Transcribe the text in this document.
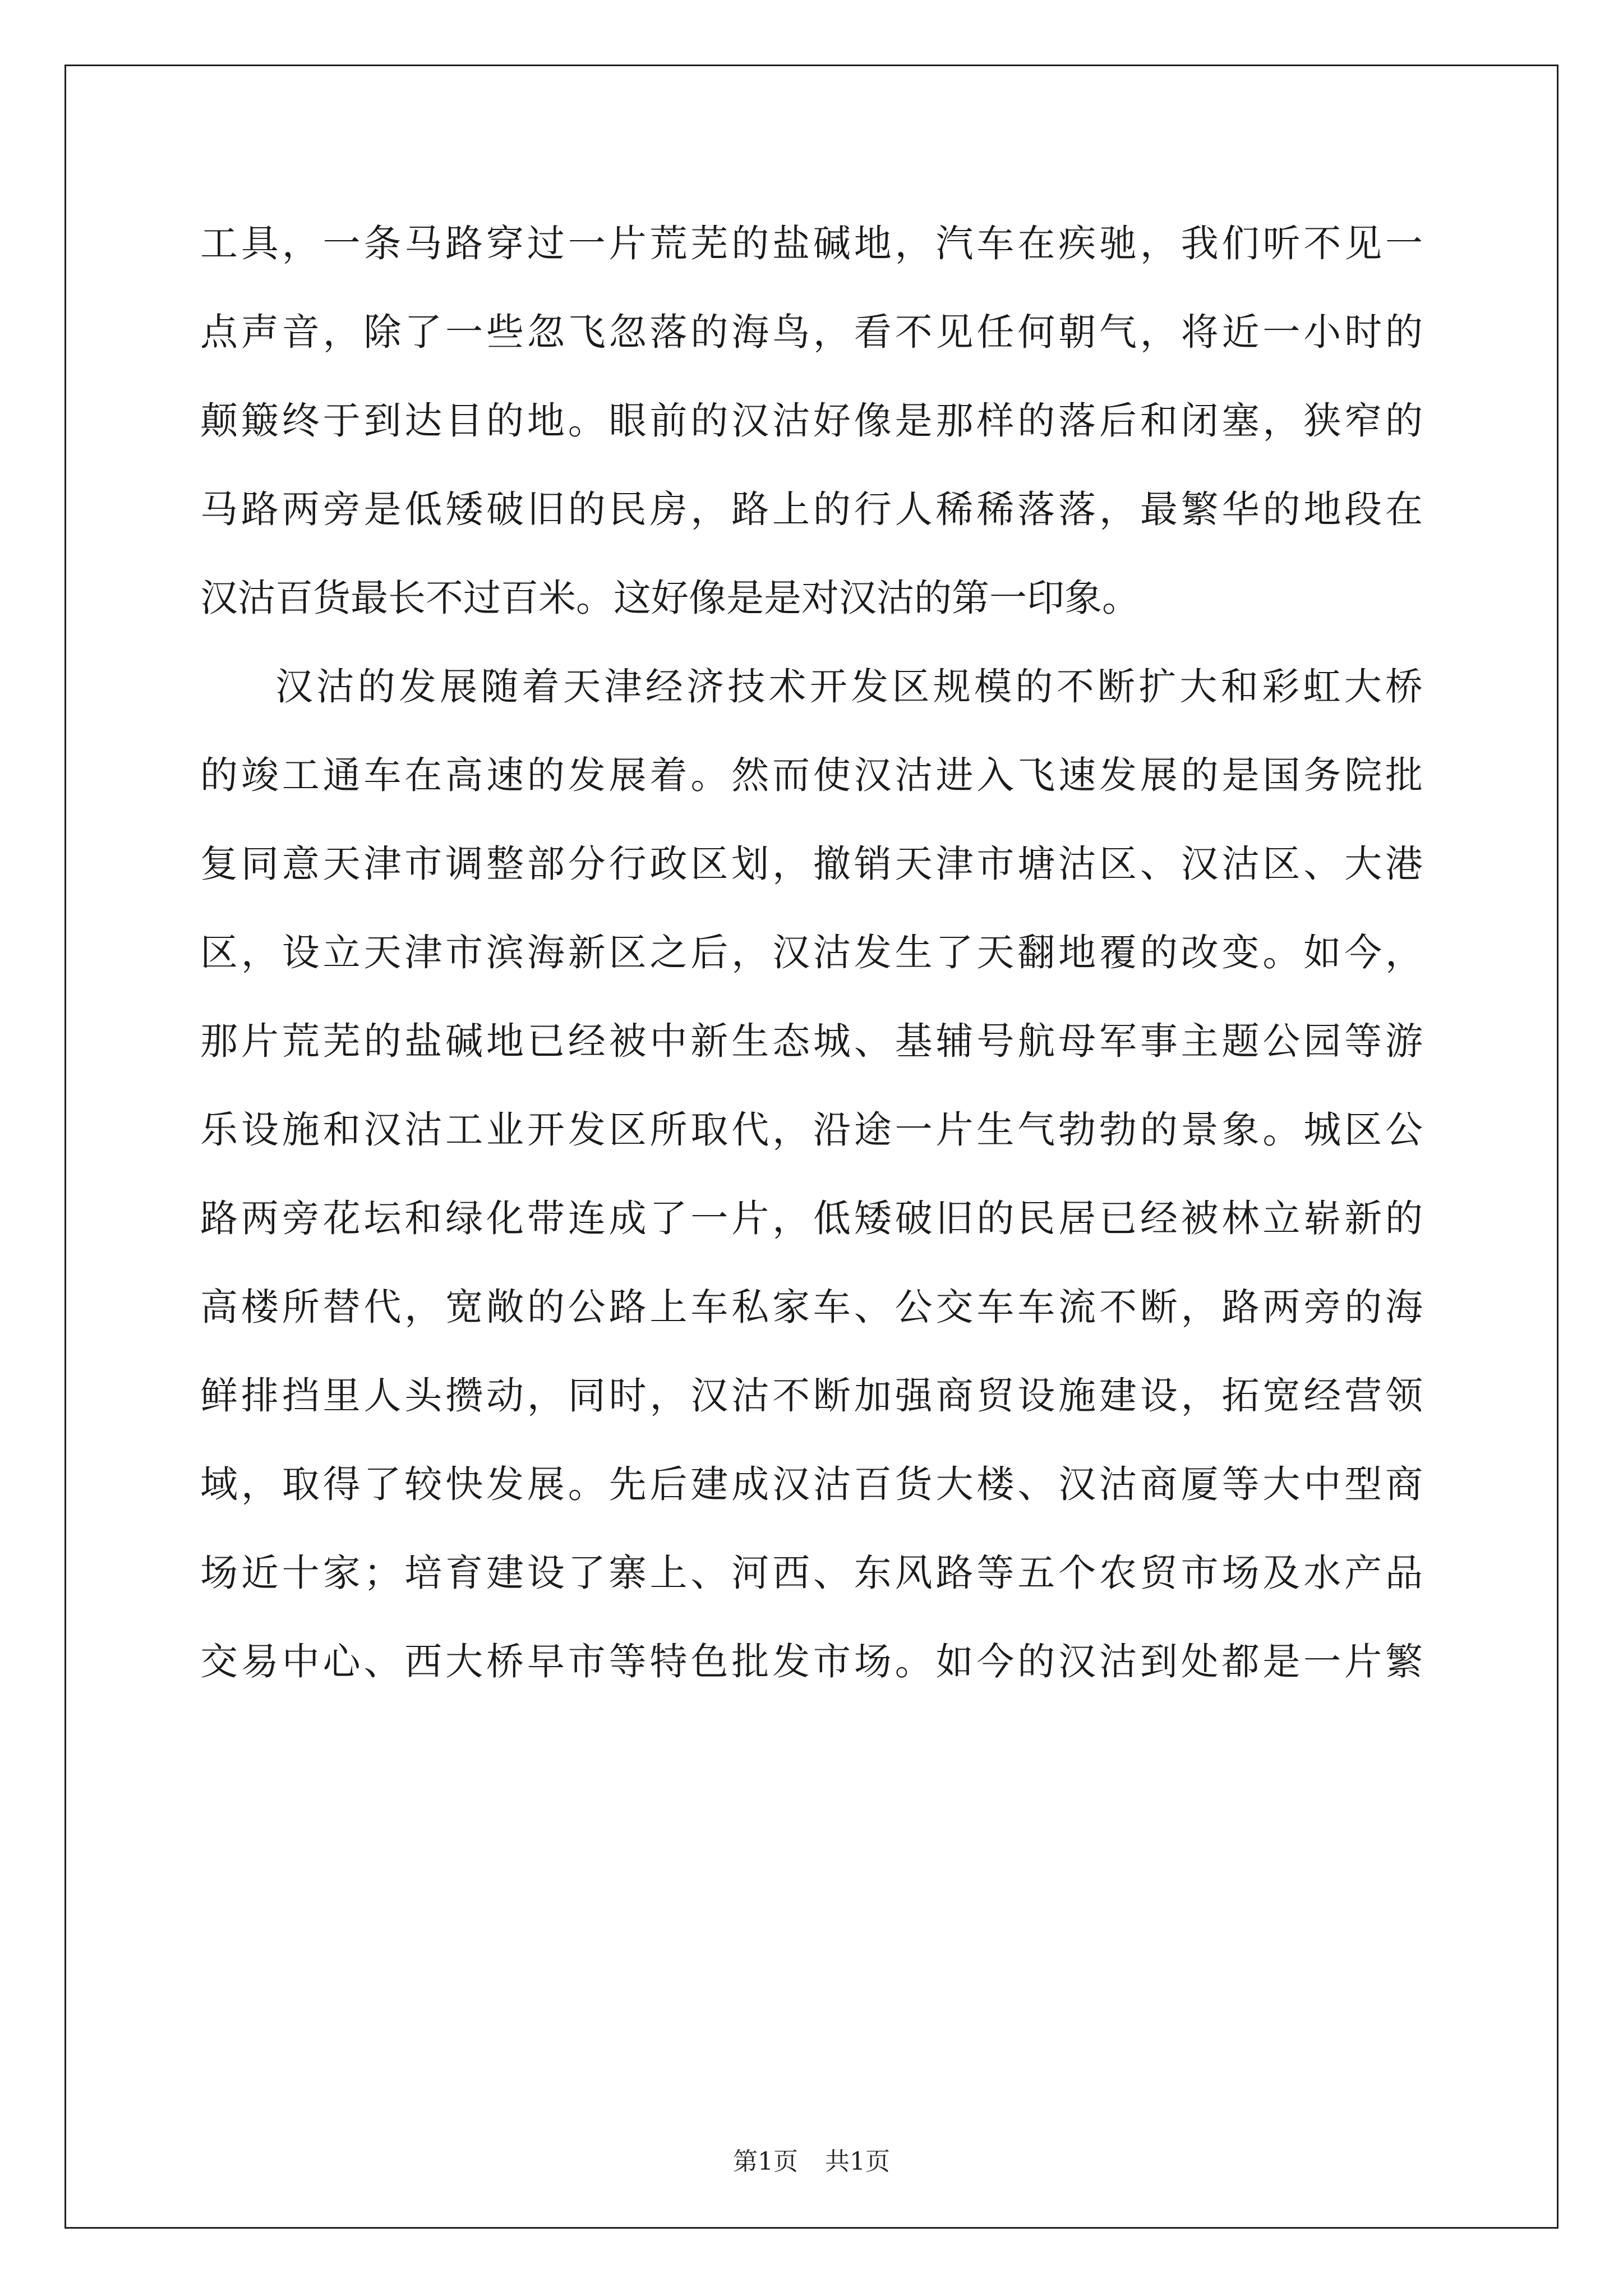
工具，一条马路穿过一片荒芜的盐碱地，汽车在疾驰，我们听不见一
点声音，除了一些忽飞忽落的海鸟，看不见任何朝气，将近一小时的
颠簸终于到达目的地。眼前的汉沽好像是那样的落后和闭塞，狭窄的
马路两旁是低矮破旧的民房，路上的行人稀稀落落，最繁华的地段在
汉沽百货最长不过百米。这好像是是对汉沽的第一印象。
汉沽的发展随着天津经济技术开发区规模的不断扩大和彩虹大桥
的竣工通车在高速的发展着。然而使汉沽进入飞速发展的是国务院批
复同意天津市调整部分行政区划，撤销天津市塘沽区、汉沽区、大港
区，设立天津市滨海新区之后，汉沽发生了天翻地覆的改变。如今，
那片荒芜的盐碱地已经被中新生态城、基辅号航母军事主题公园等游
乐设施和汉沽工业开发区所取代，沿途一片生气勃勃的景象。城区公
路两旁花坛和绿化带连成了一片，低矮破旧的民居已经被林立崭新的
高楼所替代，宽敞的公路上车私家车、公交车车流不断，路两旁的海
鲜排挡里人头攒动，同时，汉沽不断加强商贸设施建设，拓宽经营领
域，取得了较快发展。先后建成汉沽百货大楼、汉沽商厦等大中型商
场近十家；培育建设了寨上、河西、东风路等五个农贸市场及水产品
交易中心、西大桥早市等特色批发市场。如今的汉沽到处都是一片繁
第1页 共1页
